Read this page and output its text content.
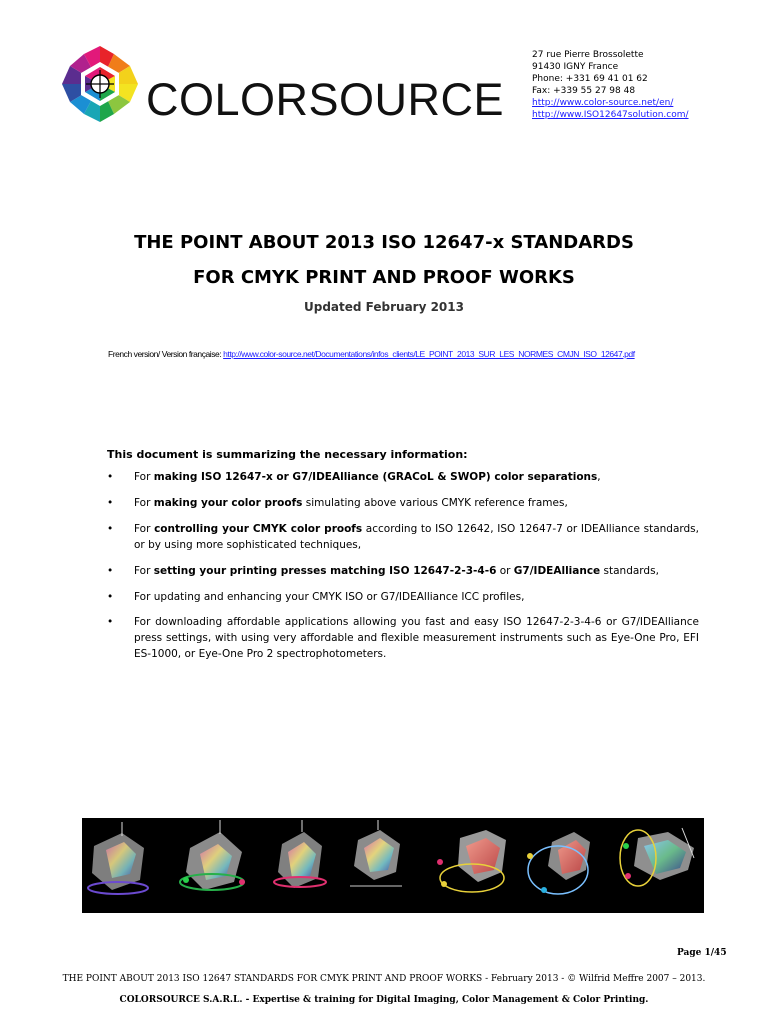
COLORSOURCE
27 rue Pierre Brossolette
91430 IGNY France
Phone: +331 69 41 01 62
Fax: +339 55 27 98 48
http://www.color-source.net/en/
http://www.ISO12647solution.com/
THE POINT ABOUT 2013 ISO 12647-x STANDARDS
FOR CMYK PRINT AND PROOF WORKS
Updated February 2013
French version/ Version française: http://www.color-source.net/Documentations/infos_clients/LE_POINT_2013_SUR_LES_NORMES_CMJN_ISO_12647.pdf
This document is summarizing the necessary information:
• For making ISO 12647-x or G7/IDEAlliance (GRACoL & SWOP) color separations,
• For making your color proofs simulating above various CMYK reference frames,
• For controlling your CMYK color proofs according to ISO 12642, ISO 12647-7 or IDEAlliance standards, or by using more sophisticated techniques,
• For setting your printing presses matching ISO 12647-2-3-4-6 or G7/IDEAlliance standards,
• For updating and enhancing your CMYK ISO or G7/IDEAlliance ICC profiles,
• For downloading affordable applications allowing you fast and easy ISO 12647-2-3-4-6 or G7/IDEAlliance press settings, with using very affordable and flexible measurement instruments such as Eye-One Pro, EFI ES-1000, or Eye-One Pro 2 spectrophotometers.
Page 1/45
THE POINT ABOUT 2013 ISO 12647 STANDARDS FOR CMYK PRINT AND PROOF WORKS - February 2013 - © Wilfrid Meffre 2007 – 2013.
COLORSOURCE S.A.R.L. - Expertise & training for Digital Imaging, Color Management & Color Printing.
